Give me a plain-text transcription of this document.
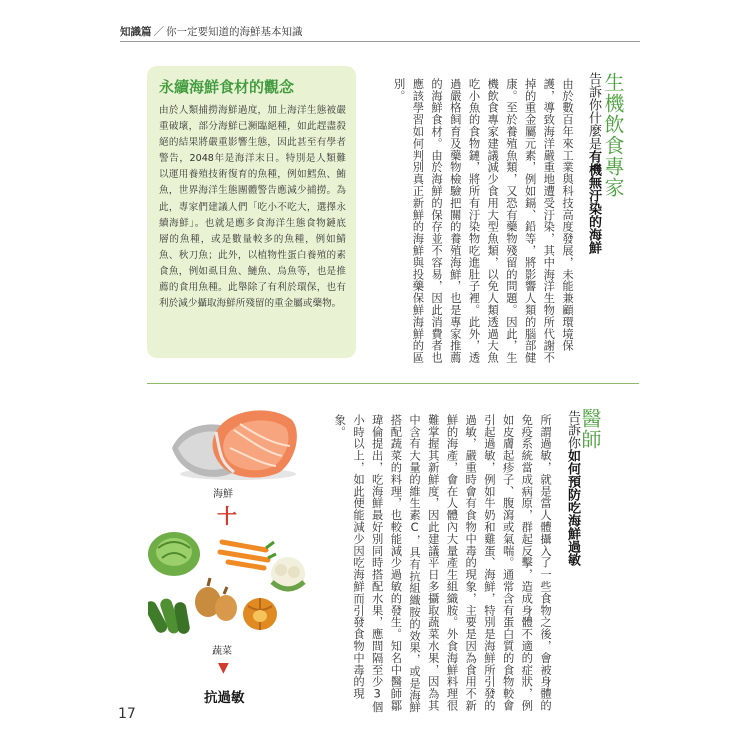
知識篇 ／ 你一定要知道的海鮮基本知識
永續海鮮食材的觀念
由於人類捕撈海鮮過度，加上海洋生態被嚴重破壞，部分海鮮已瀕臨絕種，如此趕盡殺絕的結果將嚴重影響生態，因此甚至有學者警告，2048年是海洋末日。特別是人類難以運用養殖技術復育的魚種，例如鱈魚、鮪魚，世界海洋生態團體警告應減少捕撈。為此，專家們建議人們「吃小不吃大，選擇永續海鮮」。也就是應多食海洋生態食物鏈底層的魚種，或是數量較多的魚種，例如鯖魚、秋刀魚；此外，以植物性蛋白養殖的素食魚，例如虱目魚、鰱魚、烏魚等，也是推薦的食用魚種。此舉除了有利於環保，也有利於減少攝取海鮮所殘留的重金屬或藥物。
生機飲食專家
告訴你什麼是有機無汙染的海鮮
由於數百年來工業與科技高度發展，未能兼顧環境保護，導致海洋嚴重地遭受汙染，其中海洋生物所代謝不掉的重金屬元素，例如鎘、鉛等，將影響人類的腦部健康。至於養殖魚類，又恐有藥物殘留的問題。因此，生機飲食專家建議減少食用大型魚類，以免人類透過大魚吃小魚的食物鏈，將所有汙染物吃進肚子裡。此外，透過嚴格飼育及藥物檢驗把關的養殖海鮮，也是專家推薦的海鮮食材。由於海鮮的保存並不容易，因此消費者也應該學習如何判別真正新鮮的海鮮與投藥保鮮海鮮的區別。
醫師
告訴你如何預防吃海鮮過敏
所謂過敏，就是當人體攝入了一些食物之後，會被身體的免疫系統當成病原，群起反擊，造成身體不適的症狀，例如皮膚起疹子、腹瀉或氣喘。通常含有蛋白質的食物較會引起過敏，例如牛奶和雞蛋、海鮮，特別是海鮮所引發的過敏，嚴重時會有食物中毒的現象，主要是因為食用不新鮮的海產，會在人體內大量產生組織胺。外食海鮮料理很難掌握其新鮮度，因此建議平日多攝取蔬菜水果，因為其中含有大量的維生素C，具有抗組織胺的效果，或是海鮮搭配蔬菜的料理，也較能減少過敏的發生。知名中醫師鄒瑋倫提出，吃海鮮最好別同時搭配水果，應間隔至少3個小時以上，如此便能減少因吃海鮮而引發食物中毒的現象。
海鮮
十
蔬菜
▼
抗過敏
17
